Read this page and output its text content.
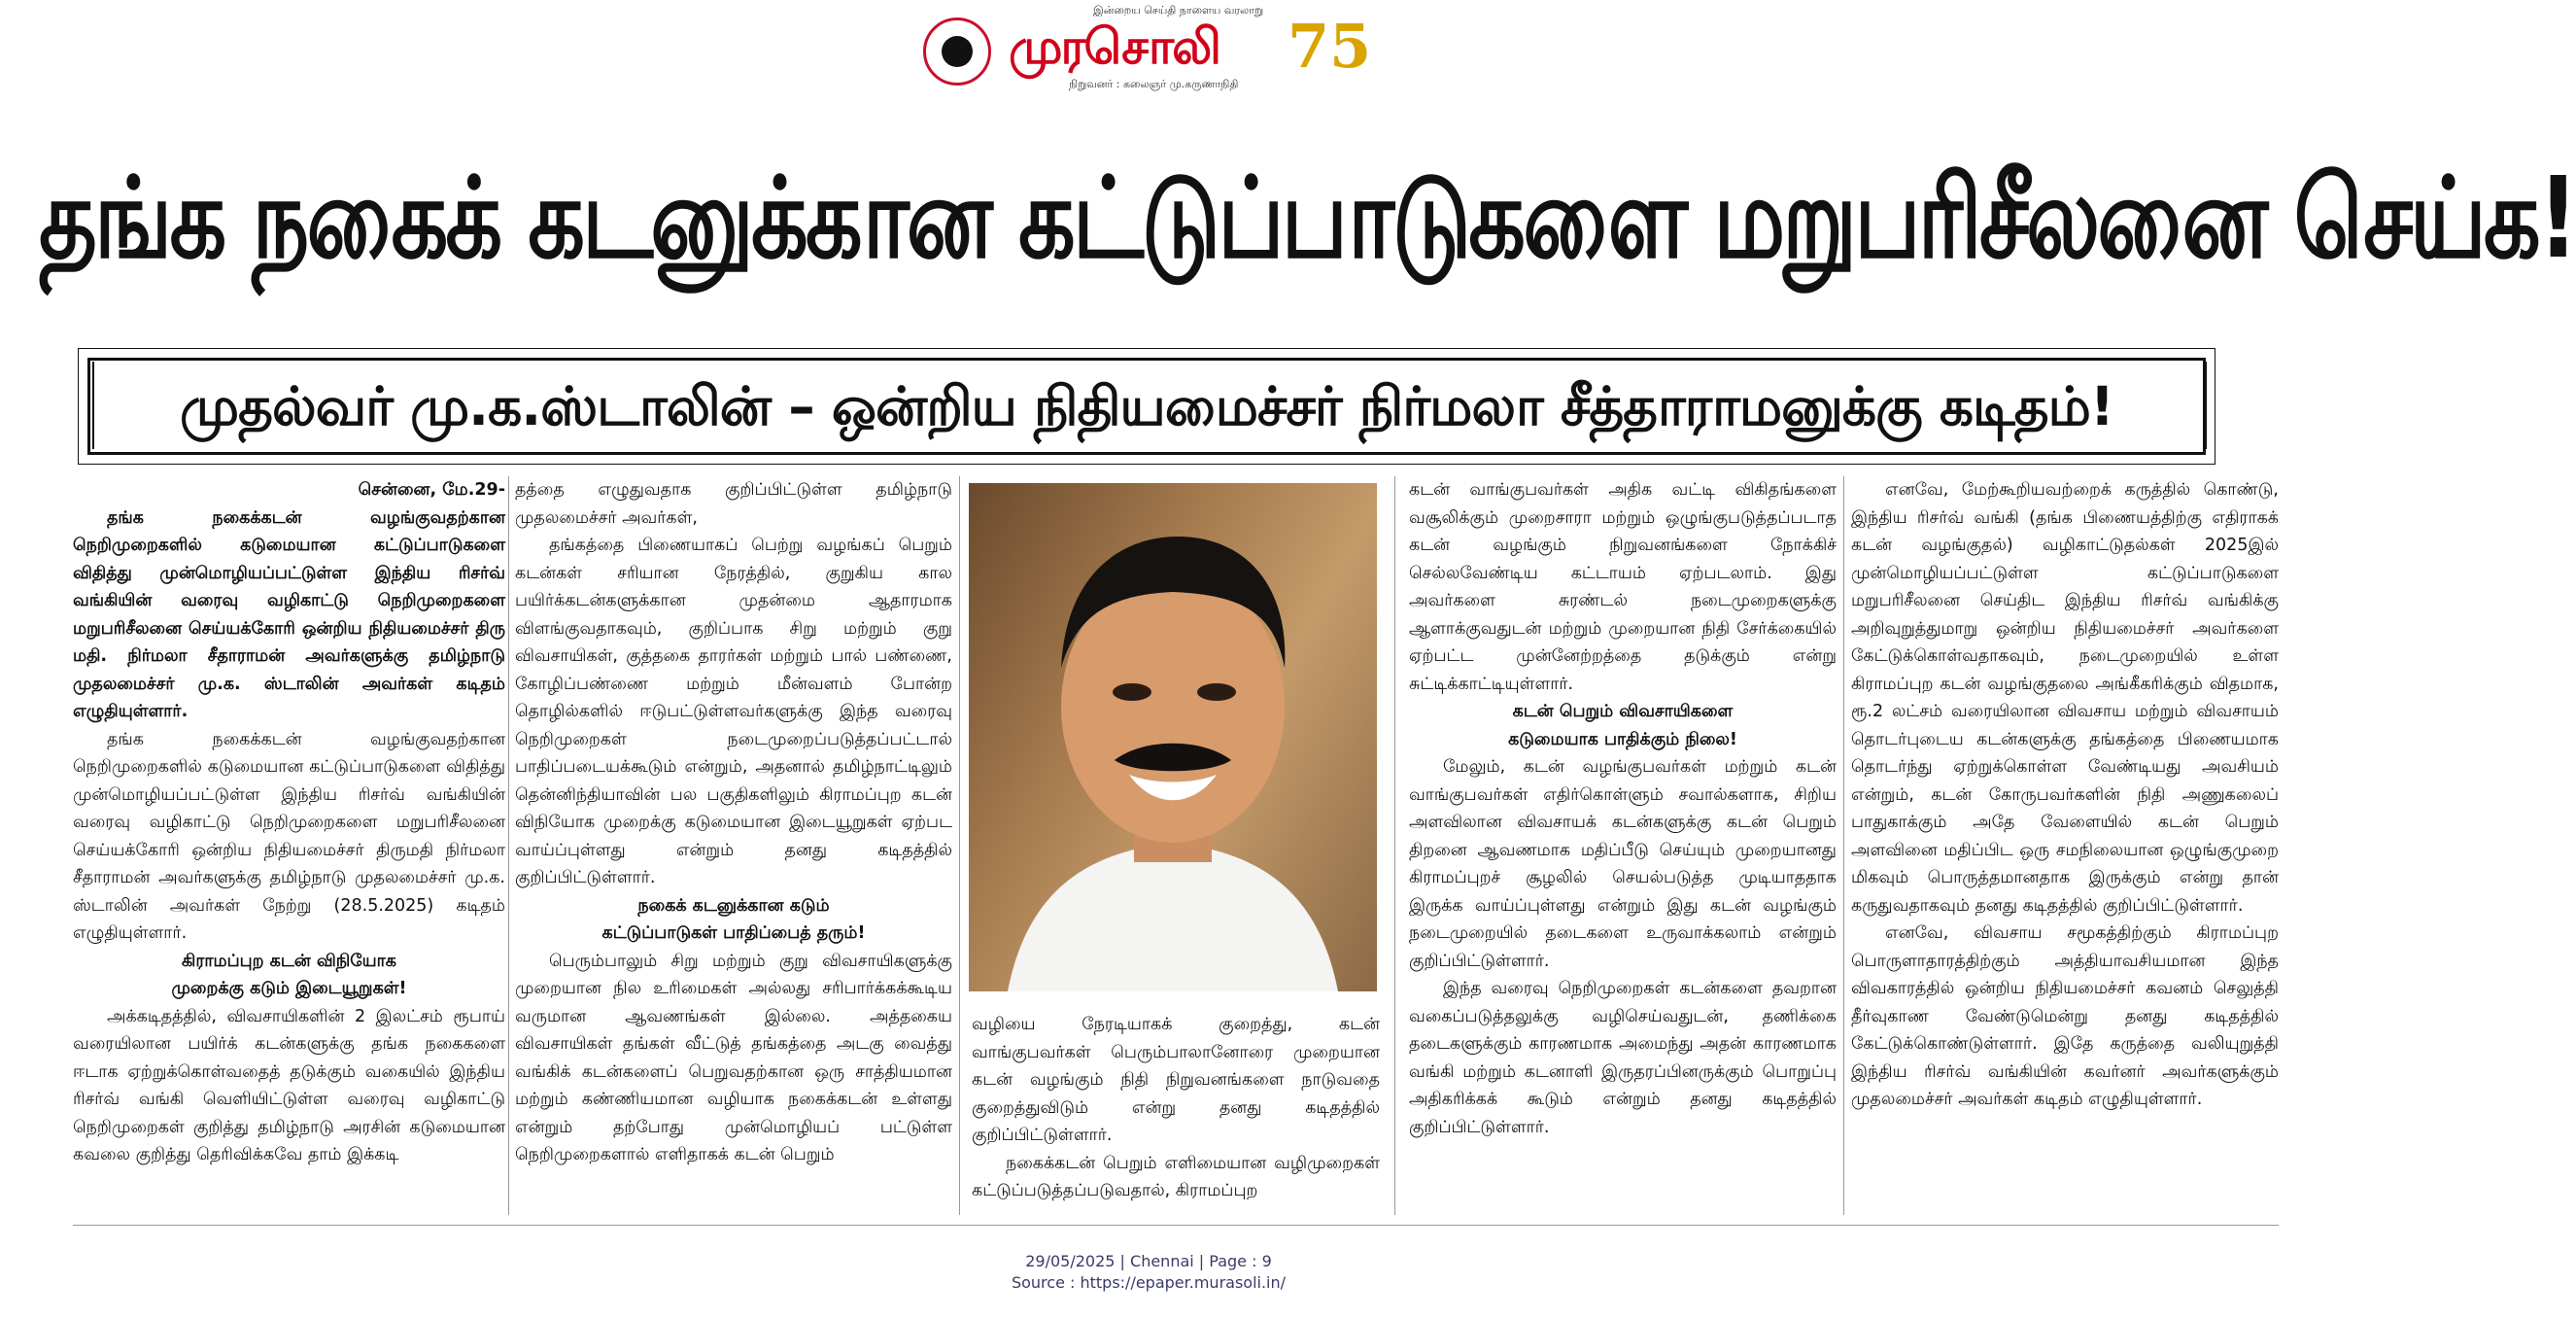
இன்றைய செய்தி நாளைய வரலாறு
முரசொலி
நிறுவனர் : கலைஞர் மு.கருணாநிதி
75
தங்க நகைக் கடனுக்கான கட்டுப்பாடுகளை மறுபரிசீலனை செய்க!
முதல்வர் மு.க.ஸ்டாலின் – ஒன்றிய நிதியமைச்சர் நிர்மலா சீத்தாராமனுக்கு கடிதம்!

சென்னை, மே.29-

தங்க நகைக்கடன் வழங்குவதற்கான நெறிமுறைகளில் கடுமையான கட்டுப்பாடுகளை விதித்து முன்மொழியப்பட்டுள்ள இந்திய ரிசர்வ் வங்கியின் வரைவு வழிகாட்டு நெறிமுறைகளை மறுபரிசீலனை செய்யக்கோரி ஒன்றிய நிதியமைச்சர் திரு மதி. நிர்மலா சீதாராமன் அவர்களுக்கு தமிழ்நாடு முதலமைச்சர் மு.க. ஸ்டாலின் அவர்கள் கடிதம் எழுதியுள்ளார்.

தங்க நகைக்கடன் வழங்குவதற்கான நெறிமுறைகளில் கடுமையான கட்டுப்பாடுகளை விதித்து முன்மொழியப்பட்டுள்ள இந்திய ரிசர்வ் வங்கியின் வரைவு வழிகாட்டு நெறிமுறைகளை மறுபரிசீலனை செய்யக்கோரி ஒன்றிய நிதியமைச்சர் திருமதி நிர்மலா சீதாராமன் அவர்களுக்கு தமிழ்நாடு முதலமைச்சர் மு.க. ஸ்டாலின் அவர்கள் நேற்று (28.5.2025) கடிதம் எழுதியுள்ளார்.

கிராமப்புற கடன் விநியோக

முறைக்கு கடும் இடையூறுகள்!

அக்கடிதத்தில், விவசாயிகளின் 2 இலட்சம் ரூபாய் வரையிலான பயிர்க் கடன்களுக்கு தங்க நகைகளை ஈடாக ஏற்றுக்கொள்வதைத் தடுக்கும் வகையில் இந்திய ரிசர்வ் வங்கி வெளியிட்டுள்ள வரைவு வழிகாட்டு நெறிமுறைகள் குறித்து தமிழ்நாடு அரசின் கடுமையான கவலை குறித்து தெரிவிக்கவே தாம் இக்கடி

தத்தை எழுதுவதாக குறிப்பிட்டுள்ள தமிழ்நாடு முதலமைச்சர் அவர்கள்,

தங்கத்தை பிணையாகப் பெற்று வழங்கப் பெறும் கடன்கள் சரியான நேரத்தில், குறுகிய கால பயிர்க்கடன்களுக்கான முதன்மை ஆதாரமாக விளங்குவதாகவும், குறிப்பாக சிறு மற்றும் குறு விவசாயிகள், குத்தகை தாரர்கள் மற்றும் பால் பண்ணை, கோழிப்பண்ணை மற்றும் மீன்வளம் போன்ற தொழில்களில் ஈடுபட்டுள்ளவர்களுக்கு இந்த வரைவு நெறிமுறைகள் நடைமுறைப்படுத்தப்பட்டால் பாதிப்படையக்கூடும் என்றும், அதனால் தமிழ்நாட்டிலும் தென்னிந்தியாவின் பல பகுதிகளிலும் கிராமப்புற கடன் விநியோக முறைக்கு கடுமையான இடையூறுகள் ஏற்பட வாய்ப்புள்ளது என்றும் தனது கடிதத்தில் குறிப்பிட்டுள்ளார்.

நகைக் கடனுக்கான கடும்

கட்டுப்பாடுகள் பாதிப்பைத் தரும்!

பெரும்பாலும் சிறு மற்றும் குறு விவசாயிகளுக்கு முறையான நில உரிமைகள் அல்லது சரிபார்க்கக்கூடிய வருமான ஆவணங்கள் இல்லை. அத்தகைய விவசாயிகள் தங்கள் வீட்டுத் தங்கத்தை அடகு வைத்து வங்கிக் கடன்களைப் பெறுவதற்கான ஒரு சாத்தியமான மற்றும் கண்ணியமான வழியாக நகைக்கடன் உள்ளது என்றும் தற்போது முன்மொழியப் பட்டுள்ள நெறிமுறைகளால் எளிதாகக் கடன் பெறும்

வழியை நேரடியாகக் குறைத்து, கடன் வாங்குபவர்கள் பெரும்பாலானோரை முறையான கடன் வழங்கும் நிதி நிறுவனங்களை நாடுவதை குறைத்துவிடும் என்று தனது கடிதத்தில் குறிப்பிட்டுள்ளார்.

நகைக்கடன் பெறும் எளிமையான வழிமுறைகள் கட்டுப்படுத்தப்படுவதால், கிராமப்புற

கடன் வாங்குபவர்கள் அதிக வட்டி விகிதங்களை வசூலிக்கும் முறைசாரா மற்றும் ஒழுங்குபடுத்தப்படாத கடன் வழங்கும் நிறுவனங்களை நோக்கிச் செல்லவேண்டிய கட்டாயம் ஏற்படலாம். இது அவர்களை சுரண்டல் நடைமுறைகளுக்கு ஆளாக்குவதுடன் மற்றும் முறையான நிதி சேர்க்கையில் ஏற்பட்ட முன்னேற்றத்தை தடுக்கும் என்று சுட்டிக்காட்டியுள்ளார்.

கடன் பெறும் விவசாயிகளை

கடுமையாக பாதிக்கும் நிலை!

மேலும், கடன் வழங்குபவர்கள் மற்றும் கடன் வாங்குபவர்கள் எதிர்கொள்ளும் சவால்களாக, சிறிய அளவிலான விவசாயக் கடன்களுக்கு கடன் பெறும் திறனை ஆவணமாக மதிப்பீடு செய்யும் முறையானது கிராமப்புறச் சூழலில் செயல்படுத்த முடியாததாக இருக்க வாய்ப்புள்ளது என்றும் இது கடன் வழங்கும் நடைமுறையில் தடைகளை உருவாக்கலாம் என்றும் குறிப்பிட்டுள்ளார்.

இந்த வரைவு நெறிமுறைகள் கடன்களை தவறான வகைப்படுத்தலுக்கு வழிசெய்வதுடன், தணிக்கை தடைகளுக்கும் காரணமாக அமைந்து அதன் காரணமாக வங்கி மற்றும் கடனாளி இருதரப்பினருக்கும் பொறுப்பு அதிகரிக்கக் கூடும் என்றும் தனது கடிதத்தில் குறிப்பிட்டுள்ளார்.

எனவே, மேற்கூறியவற்றைக் கருத்தில் கொண்டு, இந்திய ரிசர்வ் வங்கி (தங்க பிணையத்திற்கு எதிராகக் கடன் வழங்குதல்) வழிகாட்டுதல்கள் 2025இல் முன்மொழியப்பட்டுள்ள கட்டுப்பாடுகளை மறுபரிசீலனை செய்திட இந்திய ரிசர்வ் வங்கிக்கு அறிவுறுத்துமாறு ஒன்றிய நிதியமைச்சர் அவர்களை கேட்டுக்கொள்வதாகவும், நடைமுறையில் உள்ள கிராமப்புற கடன் வழங்குதலை அங்கீகரிக்கும் விதமாக, ரூ.2 லட்சம் வரையிலான விவசாய மற்றும் விவசாயம் தொடர்புடைய கடன்களுக்கு தங்கத்தை பிணையமாக தொடர்ந்து ஏற்றுக்கொள்ள வேண்டியது அவசியம் என்றும், கடன் கோருபவர்களின் நிதி அணுகலைப் பாதுகாக்கும் அதே வேளையில் கடன் பெறும் அளவினை மதிப்பிட ஒரு சமநிலையான ஒழுங்குமுறை மிகவும் பொருத்தமானதாக இருக்கும் என்று தான் கருதுவதாகவும் தனது கடிதத்தில் குறிப்பிட்டுள்ளார்.

எனவே, விவசாய சமூகத்திற்கும் கிராமப்புற பொருளாதாரத்திற்கும் அத்தியாவசியமான இந்த விவகாரத்தில் ஒன்றிய நிதியமைச்சர் கவனம் செலுத்தி தீர்வுகாண வேண்டுமென்று தனது கடிதத்தில் கேட்டுக்கொண்டுள்ளார். இதே கருத்தை வலியுறுத்தி இந்திய ரிசர்வ் வங்கியின் கவர்னர் அவர்களுக்கும் முதலமைச்சர் அவர்கள் கடிதம் எழுதியுள்ளார்.

29/05/2025 | Chennai | Page : 9
Source : https://epaper.murasoli.in/
